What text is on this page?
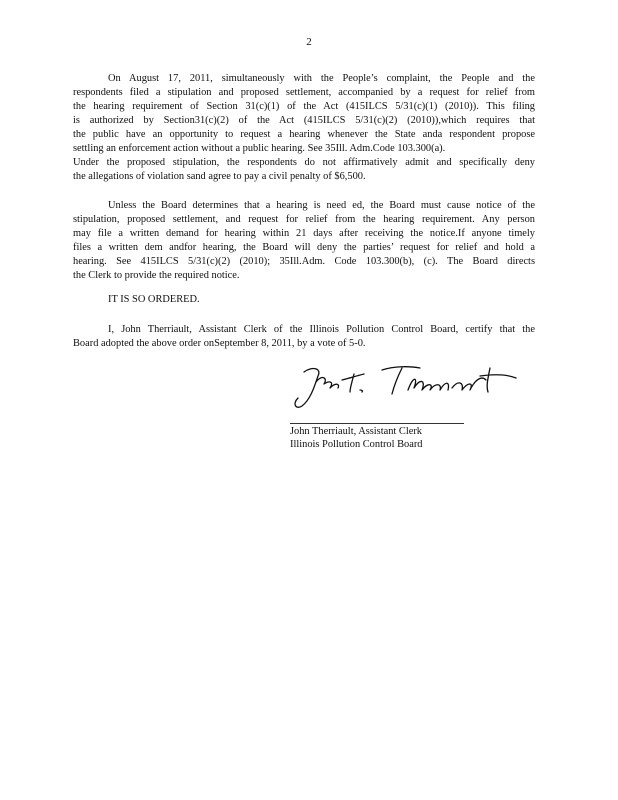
2
On August 17, 2011, simultaneously with the People’s complaint, the People and the
respondents filed a stipulation and proposed settlement, accompanied by a request for relief from
the hearing requirement of Section 31(c)(1) of the Act (415ILCS 5/31(c)(1) (2010)). This filing
is authorized by Section31(c)(2) of the Act (415ILCS 5/31(c)(2) (2010)),which requires that
the public have an opportunity to request a hearing whenever the State anda respondent propose
settling an enforcement action without a public hearing. See 35Ill. Adm.Code 103.300(a).
Under the proposed stipulation, the respondents do not affirmatively admit and specifically deny
the allegations of violation sand agree to pay a civil penalty of $6,500.
Unless the Board determines that a hearing is need ed, the Board must cause notice of the
stipulation, proposed settlement, and request for relief from the hearing requirement. Any person
may file a written demand for hearing within 21 days after receiving the notice.If anyone timely
files a written dem andfor hearing, the Board will deny the parties’ request for relief and hold a
hearing. See 415ILCS 5/31(c)(2) (2010); 35Ill.Adm. Code 103.300(b), (c). The Board directs
the Clerk to provide the required notice.
IT IS SO ORDERED.
I, John Therriault, Assistant Clerk of the Illinois Pollution Control Board, certify that the
Board adopted the above order onSeptember 8, 2011, by a vote of 5-0.
John Therriault, Assistant Clerk
Illinois Pollution Control Board
